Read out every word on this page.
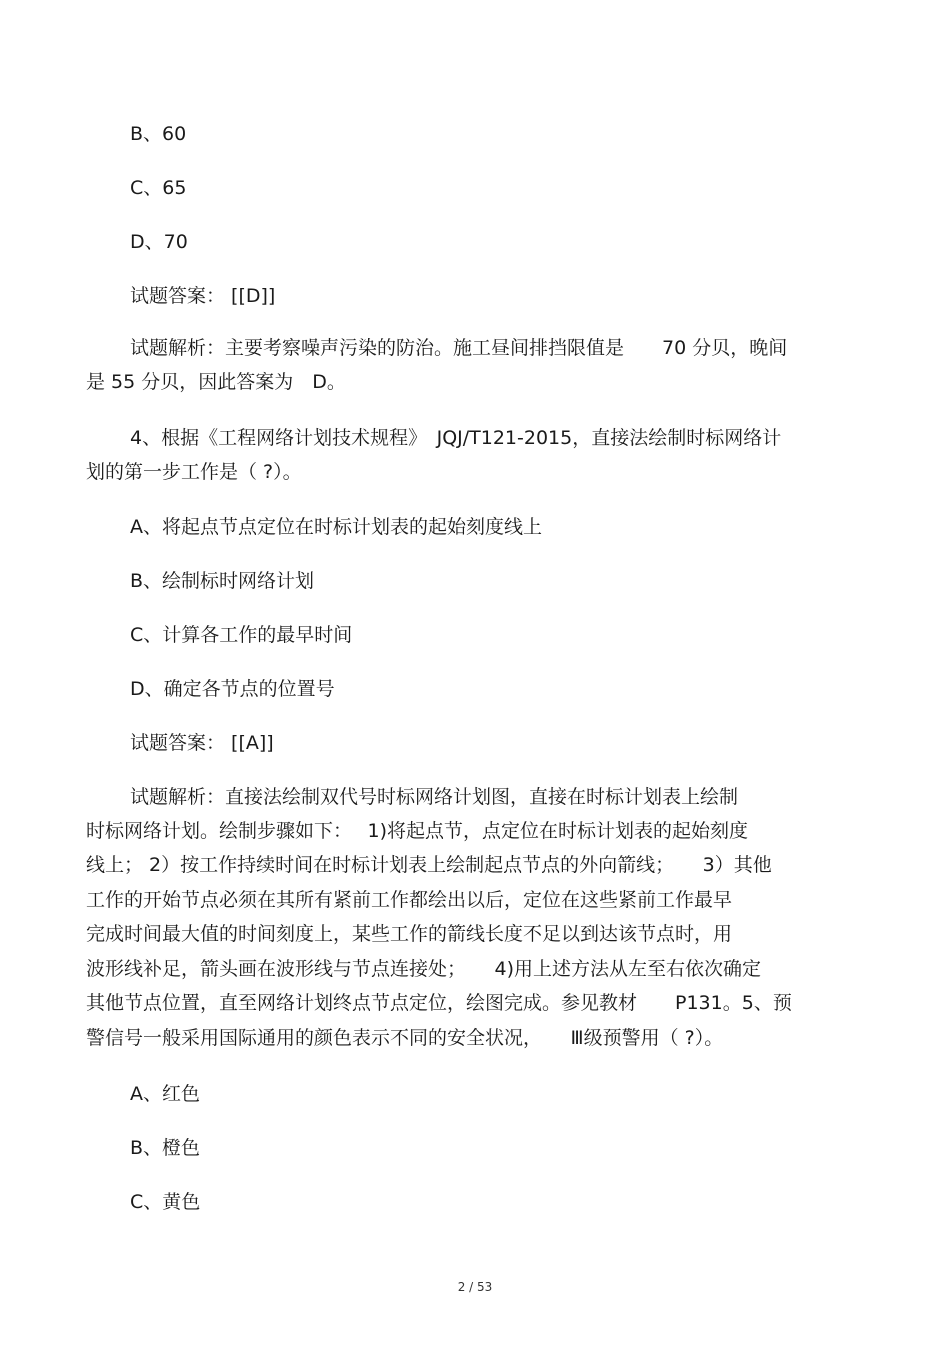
B、60
C、65
D、70
试题答案： [[D]]
试题解析：主要考察噪声污染的防治。施工昼间排挡限值是　　70 分贝，晚间
是 55 分贝，因此答案为　D。
4、根据《工程网络计划技术规程》　JQJ/T121-2015，直接法绘制时标网络计
划的第一步工作是（ ?）。
A、将起点节点定位在时标计划表的起始刻度线上
B、绘制标时网络计划
C、计算各工作的最早时间
D、确定各节点的位置号
试题答案： [[A]]
试题解析：直接法绘制双代号时标网络计划图，直接在时标计划表上绘制
时标网络计划。绘制步骤如下：　 1)将起点节，点定位在时标计划表的起始刻度
线上； 2）按工作持续时间在时标计划表上绘制起点节点的外向箭线；　　3）其他
工作的开始节点必须在其所有紧前工作都绘出以后，定位在这些紧前工作最早
完成时间最大值的时间刻度上，某些工作的箭线长度不足以到达该节点时，用
波形线补足，箭头画在波形线与节点连接处；　　4)用上述方法从左至右依次确定
其他节点位置，直至网络计划终点节点定位，绘图完成。参见教材　　P131。5、预
警信号一般采用国际通用的颜色表示不同的安全状况，　　Ⅲ级预警用（ ?）。
A、红色
B、橙色
C、黄色
2 / 53
